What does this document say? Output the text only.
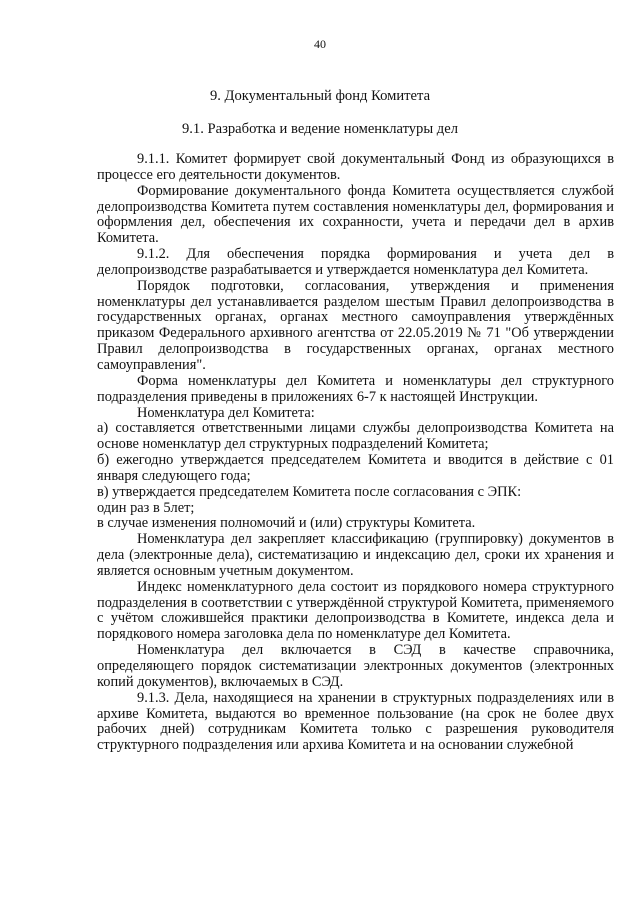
40
9. Документальный фонд Комитета
9.1. Разработка и ведение номенклатуры дел

9.1.1. Комитет формирует свой документальный Фонд из образующихся в процессе его деятельности документов.

Формирование документального фонда Комитета осуществляется службой делопроизводства Комитета путем составления номенклатуры дел, формирования и оформления дел, обеспечения их сохранности, учета и передачи дел в архив Комитета.

9.1.2. Для обеспечения порядка формирования и учета дел в делопроизводстве разрабатывается и утверждается номенклатура дел Комитета.

Порядок подготовки, согласования, утверждения и применения номенклатуры дел устанавливается разделом шестым Правил делопроизводства в государственных органах, органах местного самоуправления утверждённых приказом Федерального архивного агентства от 22.05.2019 № 71 "Об утверждении Правил делопроизводства в государственных органах, органах местного самоуправления".

Форма номенклатуры дел Комитета и номенклатуры дел структурного подразделения приведены в приложениях 6-7 к настоящей Инструкции.

Номенклатура дел Комитета:

а) составляется ответственными лицами службы делопроизводства Комитета на основе номенклатур дел структурных подразделений Комитета;

б) ежегодно утверждается председателем Комитета и вводится в действие с 01 января следующего года;

в) утверждается председателем Комитета после согласования с ЭПК:

один раз в 5лет;

в случае изменения полномочий и (или) структуры Комитета.

Номенклатура дел закрепляет классификацию (группировку) документов в дела (электронные дела), систематизацию и индексацию дел, сроки их хранения и является основным учетным документом.

Индекс номенклатурного дела состоит из порядкового номера структурного подразделения в соответствии с утверждённой структурой Комитета, применяемого с учётом сложившейся практики делопроизводства в Комитете, индекса дела и порядкового номера заголовка дела по номенклатуре дел Комитета.

Номенклатура дел включается в СЭД в качестве справочника, определяющего порядок систематизации электронных документов (электронных копий документов), включаемых в СЭД.

9.1.3. Дела, находящиеся на хранении в структурных подразделениях или в архиве Комитета, выдаются во временное пользование (на срок не более двух рабочих дней) сотрудникам Комитета только с разрешения руководителя структурного подразделения или архива Комитета и на основании служебной
